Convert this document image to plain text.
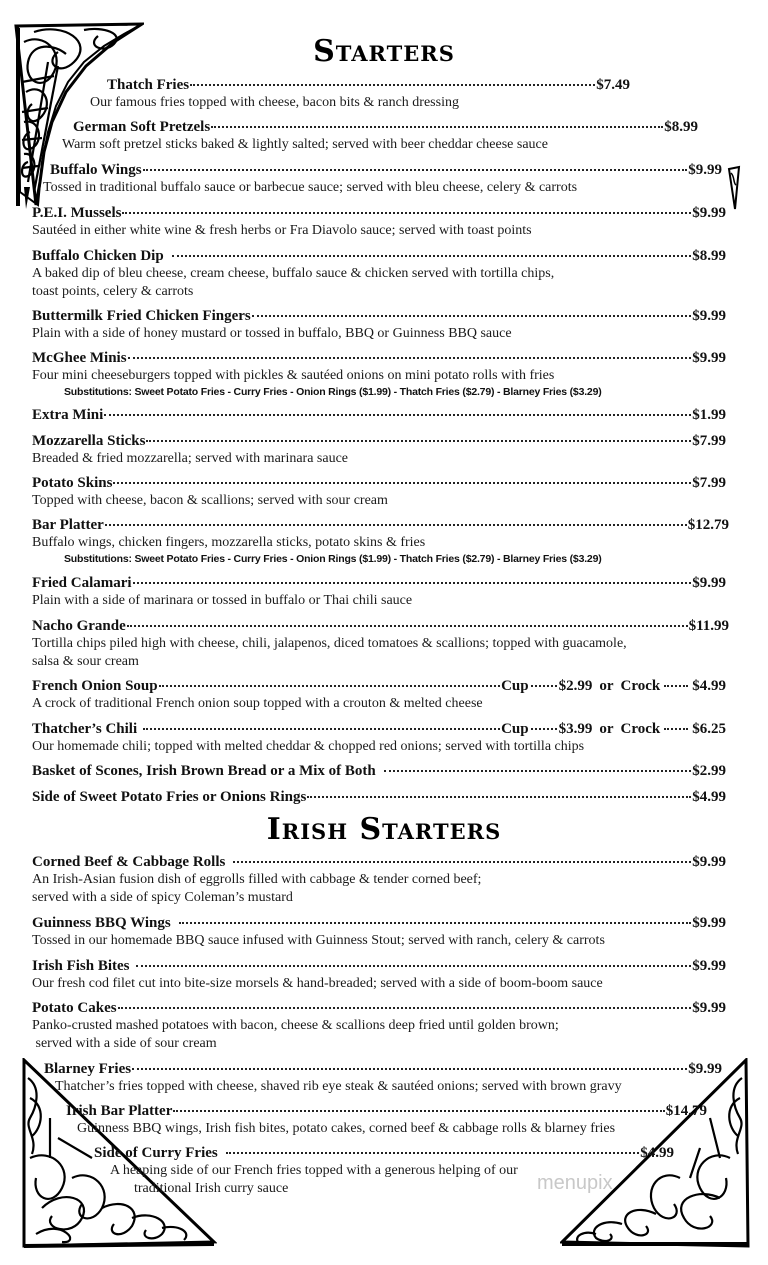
Starters
Thatch Fries	$7.49
Our famous fries topped with cheese, bacon bits & ranch dressing
German Soft Pretzels	$8.99
Warm soft pretzel sticks baked & lightly salted; served with beer cheddar cheese sauce
Buffalo Wings	$9.99
Tossed in traditional buffalo sauce or barbecue sauce; served with bleu cheese, celery & carrots
P.E.I. Mussels	$9.99
Sautéed in either white wine & fresh herbs or Fra Diavolo sauce; served with toast points
Buffalo Chicken Dip	$8.99
A baked dip of bleu cheese, cream cheese, buffalo sauce & chicken served with tortilla chips,
toast points, celery & carrots
Buttermilk Fried Chicken Fingers	$9.99
Plain with a side of honey mustard or tossed in buffalo, BBQ or Guinness BBQ sauce
McGhee Minis	$9.99
Four mini cheeseburgers topped with pickles & sautéed onions on mini potato rolls with fries
Substitutions: Sweet Potato Fries - Curry Fries - Onion Rings ($1.99) - Thatch Fries ($2.79) - Blarney Fries ($3.29)
Extra Mini	$1.99
Mozzarella Sticks	$7.99
Breaded & fried mozzarella; served with marinara sauce
Potato Skins	$7.99
Topped with cheese, bacon & scallions; served with sour cream
Bar Platter	$12.79
Buffalo wings, chicken fingers, mozzarella sticks, potato skins & fries
Substitutions: Sweet Potato Fries - Curry Fries - Onion Rings ($1.99) - Thatch Fries ($2.79) - Blarney Fries ($3.29)
Fried Calamari	$9.99
Plain with a side of marinara or tossed in buffalo or Thai chili sauce
Nacho Grande	$11.99
Tortilla chips piled high with cheese, chili, jalapenos, diced tomatoes & scallions; topped with guacamole,
salsa & sour cream
French Onion Soup	Cup $2.99 or Crock $4.99
A crock of traditional French onion soup topped with a crouton & melted cheese
Thatcher’s Chili	Cup $3.99 or Crock $6.25
Our homemade chili; topped with melted cheddar & chopped red onions; served with tortilla chips
Basket of Scones, Irish Brown Bread or a Mix of Both	$2.99
Side of Sweet Potato Fries or Onions Rings	$4.99
Irish Starters
Corned Beef & Cabbage Rolls	$9.99
An Irish-Asian fusion dish of eggrolls filled with cabbage & tender corned beef;
served with a side of spicy Coleman’s mustard
Guinness BBQ Wings	$9.99
Tossed in our homemade BBQ sauce infused with Guinness Stout; served with ranch, celery & carrots
Irish Fish Bites	$9.99
Our fresh cod filet cut into bite-size morsels & hand-breaded; served with a side of boom-boom sauce
Potato Cakes	$9.99
Panko-crusted mashed potatoes with bacon, cheese & scallions deep fried until golden brown;
served with a side of sour cream
Blarney Fries	$9.99
Thatcher’s fries topped with cheese, shaved rib eye steak & sautéed onions; served with brown gravy
Irish Bar Platter	$14.79
Guinness BBQ wings, Irish fish bites, potato cakes, corned beef & cabbage rolls & blarney fries
Side of Curry Fries	$4.99
A heaping side of our French fries topped with a generous helping of our
traditional Irish curry sauce	menupix
